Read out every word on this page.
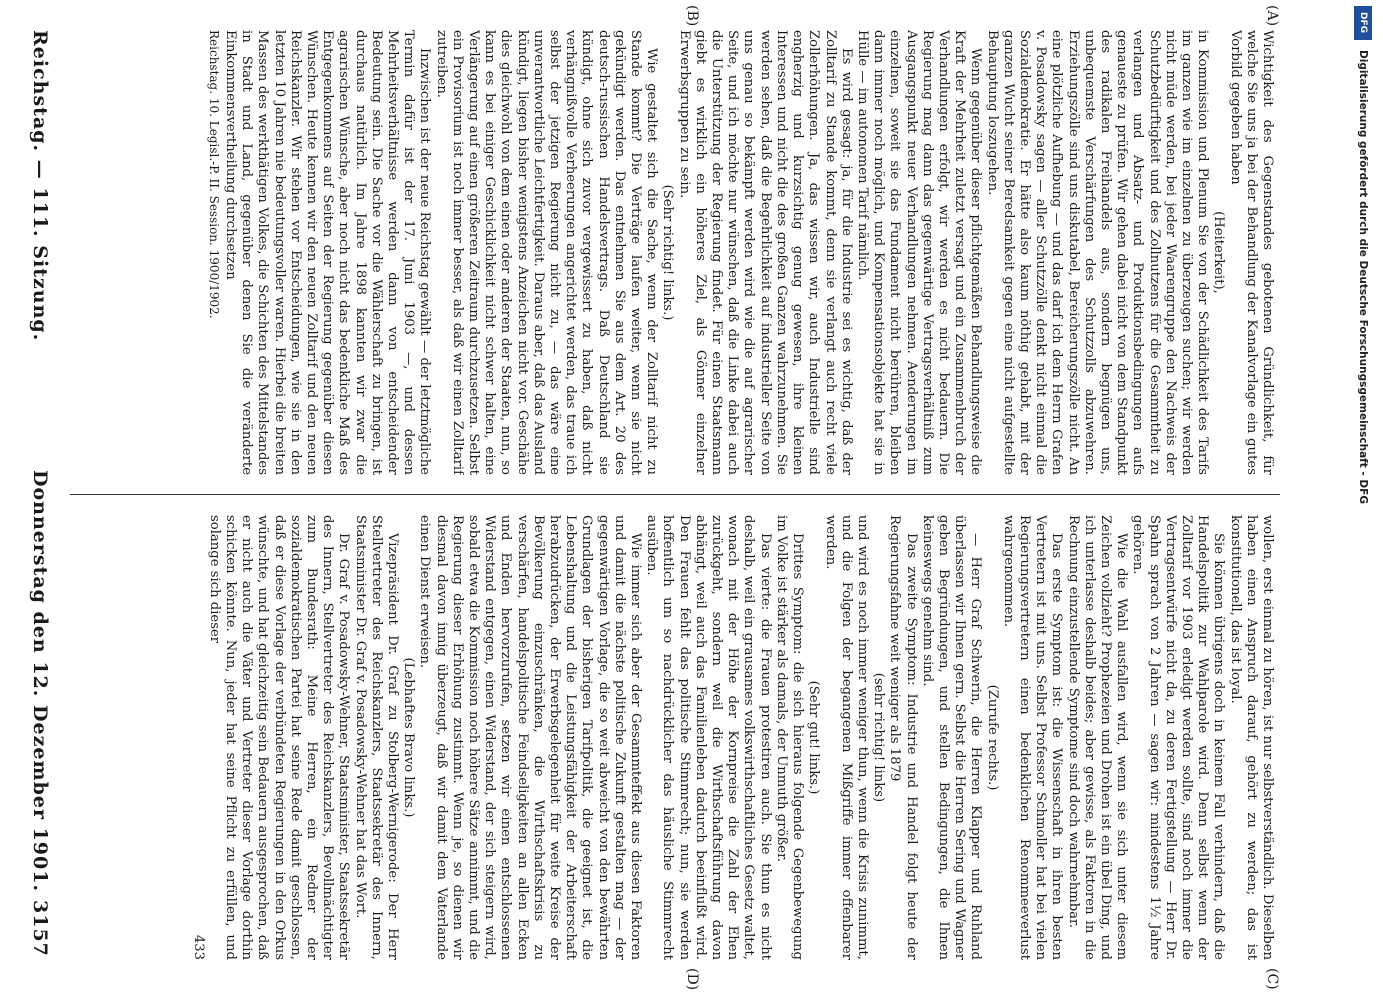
Reichstag. — 111. Sitzung.
Donnerstag den 12. Dezember 1901.
3157
(A)
(B)
(C)
(D)

Wichtigkeit des Gegenstandes gebotenen Gründlichkeit, für welche Sie uns ja bei der Behandlung der Kanalvorlage ein gutes Vorbild gegeben haben

(Heiterkeit),

in Kommission und Plenum Sie von der Schädlichkeit des Tarifs im ganzen wie im einzelnen zu überzeugen suchen; wir werden nicht müde werden, bei jeder Waarengruppe den Nachweis der Schutzbedürftigkeit und des Zollnutzens für die Gesammtheit zu verlangen und Absatz- und Produktionsbedingungen aufs genaueste zu prüfen. Wir gehen dabei nicht von dem Standpunkt des radikalen Freihandels aus, sondern begnügen uns, unbequemste Verschärfungen des Schutzzolls abzuwehren. Erziehungszölle sind uns diskutabel, Bereicherungszölle nicht. An eine plötzliche Aufhebung — und das darf ich dem Herrn Grafen v. Posadowsky sagen — aller Schutzzölle denkt nicht einmal die Sozialdemokratie. Er hätte also kaum nöthig gehabt, mit der ganzen Wucht seiner Beredsamkeit gegen eine nicht aufgestellte Behauptung loszugehen.

Wenn gegenüber dieser pflichtgemäßen Behandlungsweise die Kraft der Mehrheit zuletzt versagt und ein Zusammenbruch der Verhandlungen erfolgt, wir werden es nicht bedauern. Die Regierung mag dann das gegenwärtige Vertragsverhältniß zum Ausgangspunkt neuer Verhandlungen nehmen. Aenderungen im einzelnen, soweit sie das Fundament nicht berühren, bleiben dann immer noch möglich, und Kompensationsobjekte hat sie in Hülle — im autonomen Tarif nämlich.

Es wird gesagt: ja, für die Industrie sei es wichtig, daß der Zolltarif zu Stande kommt, denn sie verlangt auch recht viele Zollerhöhungen. Ja, das wissen wir, auch Industrielle sind engherzig und kurzsichtig genug gewesen, ihre kleinen Interessen und nicht die des großen Ganzen wahrzunehmen. Sie werden sehen, daß die Begehrlichkeit auf industrieller Seite von uns genau so bekämpft werden wird wie die auf agrarischer Seite, und ich möchte nur wünschen, daß die Linke dabei auch die Unterstützung der Regierung findet. Für einen Staatsmann giebt es wirklich ein höheres Ziel, als Gönner einzelner Erwerbsgruppen zu sein.

(Sehr richtig! links.)

Wie gestaltet sich die Sache, wenn der Zolltarif nicht zu Stande kommt? Die Verträge laufen weiter, wenn sie nicht gekündigt werden. Das entnehmen Sie aus dem Art. 20 des deutsch-russischen Handelsvertrags. Daß Deutschland sie kündigt, ohne sich zuvor vergewissert zu haben, daß nicht verhängnißvolle Verheerungen angerichtet werden, das traue ich selbst der jetzigen Regierung nicht zu, — das wäre eine unverantwortliche Leichtfertigkeit. Daraus aber, daß das Ausland kündigt, liegen bisher wenigstens Anzeichen nicht vor. Geschähe dies gleichwohl von dem einen oder anderen der Staaten, nun, so kann es bei einiger Geschicklichkeit nicht schwer halten, eine Verlängerung auf einen größeren Zeitraum durchzusetzen. Selbst ein Provisorium ist noch immer besser, als daß wir einen Zolltarif zutreiben.

Inzwischen ist der neue Reichstag gewählt — der letztmögliche Termin dafür ist der 17. Juni 1903 —, und dessen Mehrheitsverhältnisse werden dann von entscheidender Bedeutung sein. Die Sache vor die Wählerschaft zu bringen, ist durchaus natürlich. Im Jahre 1898 kannten wir zwar die agrarischen Wünsche, aber noch nicht das bedenkliche Maß des Entgegenkommens auf Seiten der Regierung gegenüber diesen Wünschen. Heute kennen wir den neuen Zolltarif und den neuen Reichskanzler. Wir stehen vor Entscheidungen, wie sie in den letzten 10 Jahren nie bedeutungsvoller waren. Hierbei die breiten Massen des werkthätigen Volkes, die Schichten des Mittelstandes in Stadt und Land, gegenüber denen Sie die veränderte Einkommensvertheilung durchsetzen

Reichstag. 10. Legisl.-P. II. Session. 1900/1902.

wollen, erst einmal zu hören, ist nur selbstverständlich. Dieselben haben einen Anspruch darauf, gehört zu werden; das ist konstitutionell, das ist loyal.

Sie können übrigens doch in keinem Fall verhindern, daß die Handelspolitik zur Wahlparole wird. Denn selbst wenn der Zolltarif vor 1903 erledigt werden sollte, sind noch immer die Vertragsentwürfe nicht da, zu deren Fertigstellung — Herr Dr. Spahn sprach von 2 Jahren — sagen wir: mindestens 1½ Jahre gehören.

Wie die Wahl ausfallen wird, wenn sie sich unter diesem Zeichen vollzieht? Prophezeien und Drohen ist ein übel Ding, und ich unterlasse deshalb beides; aber gewisse, als Faktoren in die Rechnung einzustellende Symptome sind doch wahrnehmbar.

Das erste Symptom ist: die Wissenschaft in ihren besten Vertretern ist mit uns. Selbst Professor Schmoller hat bei vielen Regierungsvertretern einen bedenklichen Renommeeverlust wahrgenommen.

(Zurufe rechts.)

— Herr Graf Schwerin, die Herren Klapper und Ruhland überlassen wir Ihnen gern. Selbst die Herren Sering und Wagner geben Begründungen, und stellen Bedingungen, die Ihnen keineswegs genehm sind.

Das zweite Symptom: Industrie und Handel folgt heute der Regierungsfahne weit weniger als 1879

(sehr richtig! links)

und wird es noch immer weniger thun, wenn die Krisis zunimmt, und die Folgen der begangenen Mißgriffe immer offenbarer werden.

(Sehr gut! links.)

Drittes Symptom: die sich hieraus folgende Gegenbewegung im Volke ist stärker als damals, der Unmuth größer.

Das vierte: die Frauen protestiren auch. Sie thun es nicht deshalb, weil ein grausames volkswirthschaftliches Gesetz waltet, wonach mit der Höhe der Kornpreise die Zahl der Ehen zurückgeht, sondern weil die Wirthschaftsführung davon abhängt, weil auch das Familienleben dadurch beeinflußt wird. Den Frauen fehlt das politische Stimmrecht; nun, sie werden hoffentlich um so nachdrücklicher das häusliche Stimmrecht ausüben.

Wie immer sich aber der Gesammteffekt aus diesen Faktoren und damit die nächste politische Zukunft gestalten mag — der gegenwärtigen Vorlage, die so weit abweicht von den bewährten Grundlagen der bisherigen Tarifpolitik, die geeignet ist, die Lebenshaltung und die Leistungsfähigkeit der Arbeiterschaft herabzudrücken, der Erwerbsgelegenheit für weite Kreise der Bevölkerung einzuschränken, die Wirthschaftskrisis zu verschärfen, handelspolitische Feindseligkeiten an allen Ecken und Enden hervorzurufen, setzen wir einen entschlossenen Widerstand entgegen, einen Widerstand, der sich steigern wird, sobald etwa die Kommission noch höhere Sätze annimmt, und die Regierung dieser Erhöhung zustimmt. Wenn je, so dienen wir diesmal davon innig überzeugt, daß wir damit dem Vaterlande einen Dienst erweisen.

(Lebhaftes Bravo links.)

Vizepräsident Dr. Graf zu Stolberg-Wernigerode: Der Herr Stellvertreter des Reichskanzlers, Staatssekretär des Innern, Staatsminister Dr. Graf v. Posadowsky-Wehner hat das Wort.

Dr. Graf v. Posadowsky-Wehner, Staatsminister, Staatssekretär des Innern, Stellvertreter des Reichskanzlers, Bevollmächtigter zum Bundesrath: Meine Herren, ein Redner der sozialdemokratischen Partei hat seine Rede damit geschlossen, daß er diese Vorlage der verbündeten Regierungen in den Orkus wünschte, und hat gleichzeitig sein Bedauern ausgesprochen, daß er nicht auch die Väter und Vertreter dieser Vorlage dorthin schicken könnte. Nun, jeder hat seine Pflicht zu erfüllen, und solange sich dieser

433

DFG
Digitalisierung gefördert durch die Deutsche Forschungsgemeinschaft - DFG
